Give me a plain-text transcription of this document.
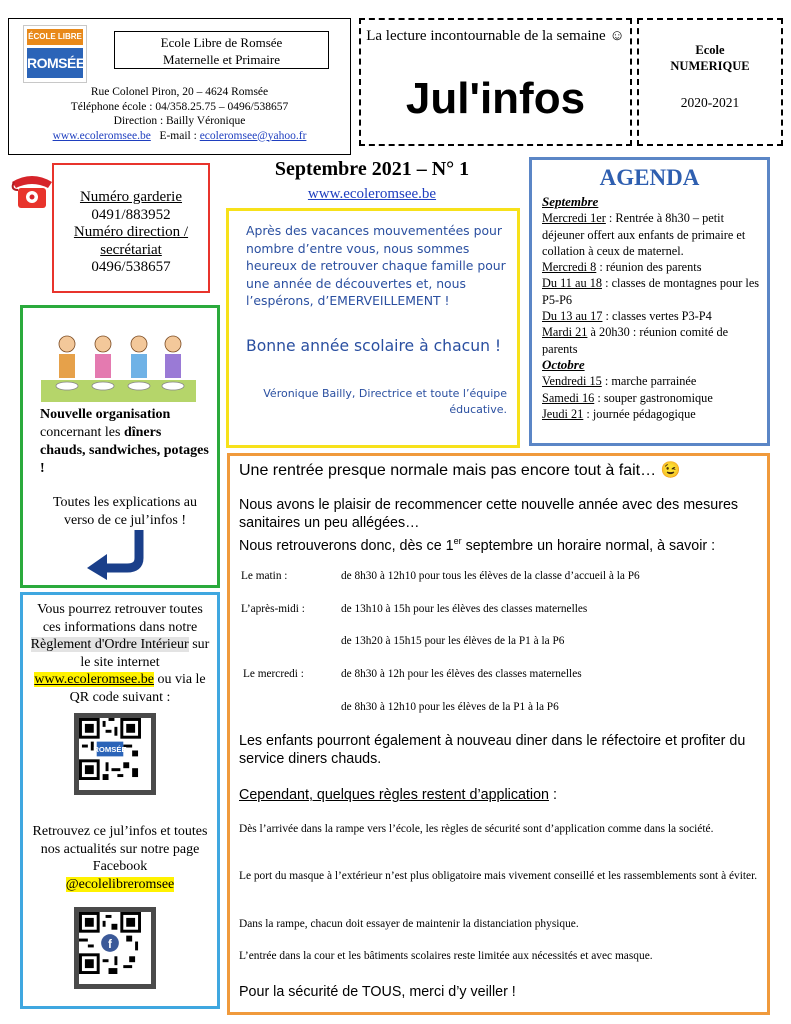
ÉCOLE LIBRE
ROMSÉE
Ecole Libre de Romsée
Maternelle et Primaire
Rue Colonel Piron, 20 – 4624 Romsée
Téléphone école : 04/358.25.75 – 0496/538657
Direction : Bailly Véronique
www.ecoleromsee.be E-mail : ecoleromsee@yahoo.fr
La lecture incontournable de la semaine ☺
Jul'infos
Ecole
NUMERIQUE
2020-2021
Numéro garderie
0491/883952
Numéro direction / secrétariat
0496/538657
Septembre 2021 – N° 1
www.ecoleromsee.be
Après des vacances mouvementées pour nombre d’entre vous, nous sommes heureux de retrouver chaque famille pour une année de découvertes et, nous l’espérons, d’EMERVEILLEMENT !
Bonne année scolaire à chacun !
Véronique Bailly, Directrice et toute l’équipe éducative.
AGENDA
Septembre
Mercredi 1er : Rentrée à 8h30 – petit déjeuner offert aux enfants de primaire et collation à ceux de maternel.
Mercredi 8 : réunion des parents
Du 11 au 18 : classes de montagnes pour les P5-P6
Du 13 au 17 : classes vertes P3-P4
Mardi 21 à 20h30 : réunion comité de parents
Octobre
Vendredi 15 : marche parrainée
Samedi 16 : souper gastronomique
Jeudi 21 : journée pédagogique
Nouvelle organisation concernant les dîners chauds, sandwiches, potages !
Toutes les explications au verso de ce jul’infos !
Vous pourrez retrouver toutes ces informations dans notre Règlement d'Ordre Intérieur sur le site internet www.ecoleromsee.be ou via le QR code suivant :
ROMSÉE
Retrouvez ce jul’infos et toutes nos actualités sur notre page Facebook
@ecolelibreromsee
f
Une rentrée presque normale mais pas encore tout à fait… 😉
Nous avons le plaisir de recommencer cette nouvelle année avec des mesures sanitaires un peu allégées…
Nous retrouverons donc, dès ce 1er septembre un horaire normal, à savoir :
Le matin :	de 8h30 à 12h10 pour tous les élèves de la classe d’accueil à la P6
L’après-midi :	de 13h10 à 15h pour les élèves des classes maternelles
de 13h20 à 15h15 pour les élèves de la P1 à la P6
Le mercredi :	de 8h30 à 12h pour les élèves des classes maternelles
de 8h30 à 12h10 pour les élèves de la P1 à la P6
Les enfants pourront également à nouveau diner dans le réfectoire et profiter du service diners chauds.
Cependant, quelques règles restent d’application :
Dès l’arrivée dans la rampe vers l’école, les règles de sécurité sont d’application comme dans la société.
Le port du masque à l’extérieur n’est plus obligatoire mais vivement conseillé et les rassemblements sont à éviter.
Dans la rampe, chacun doit essayer de maintenir la distanciation physique.
L’entrée dans la cour et les bâtiments scolaires reste limitée aux nécessités et avec masque.
Pour la sécurité de TOUS, merci d’y veiller !
